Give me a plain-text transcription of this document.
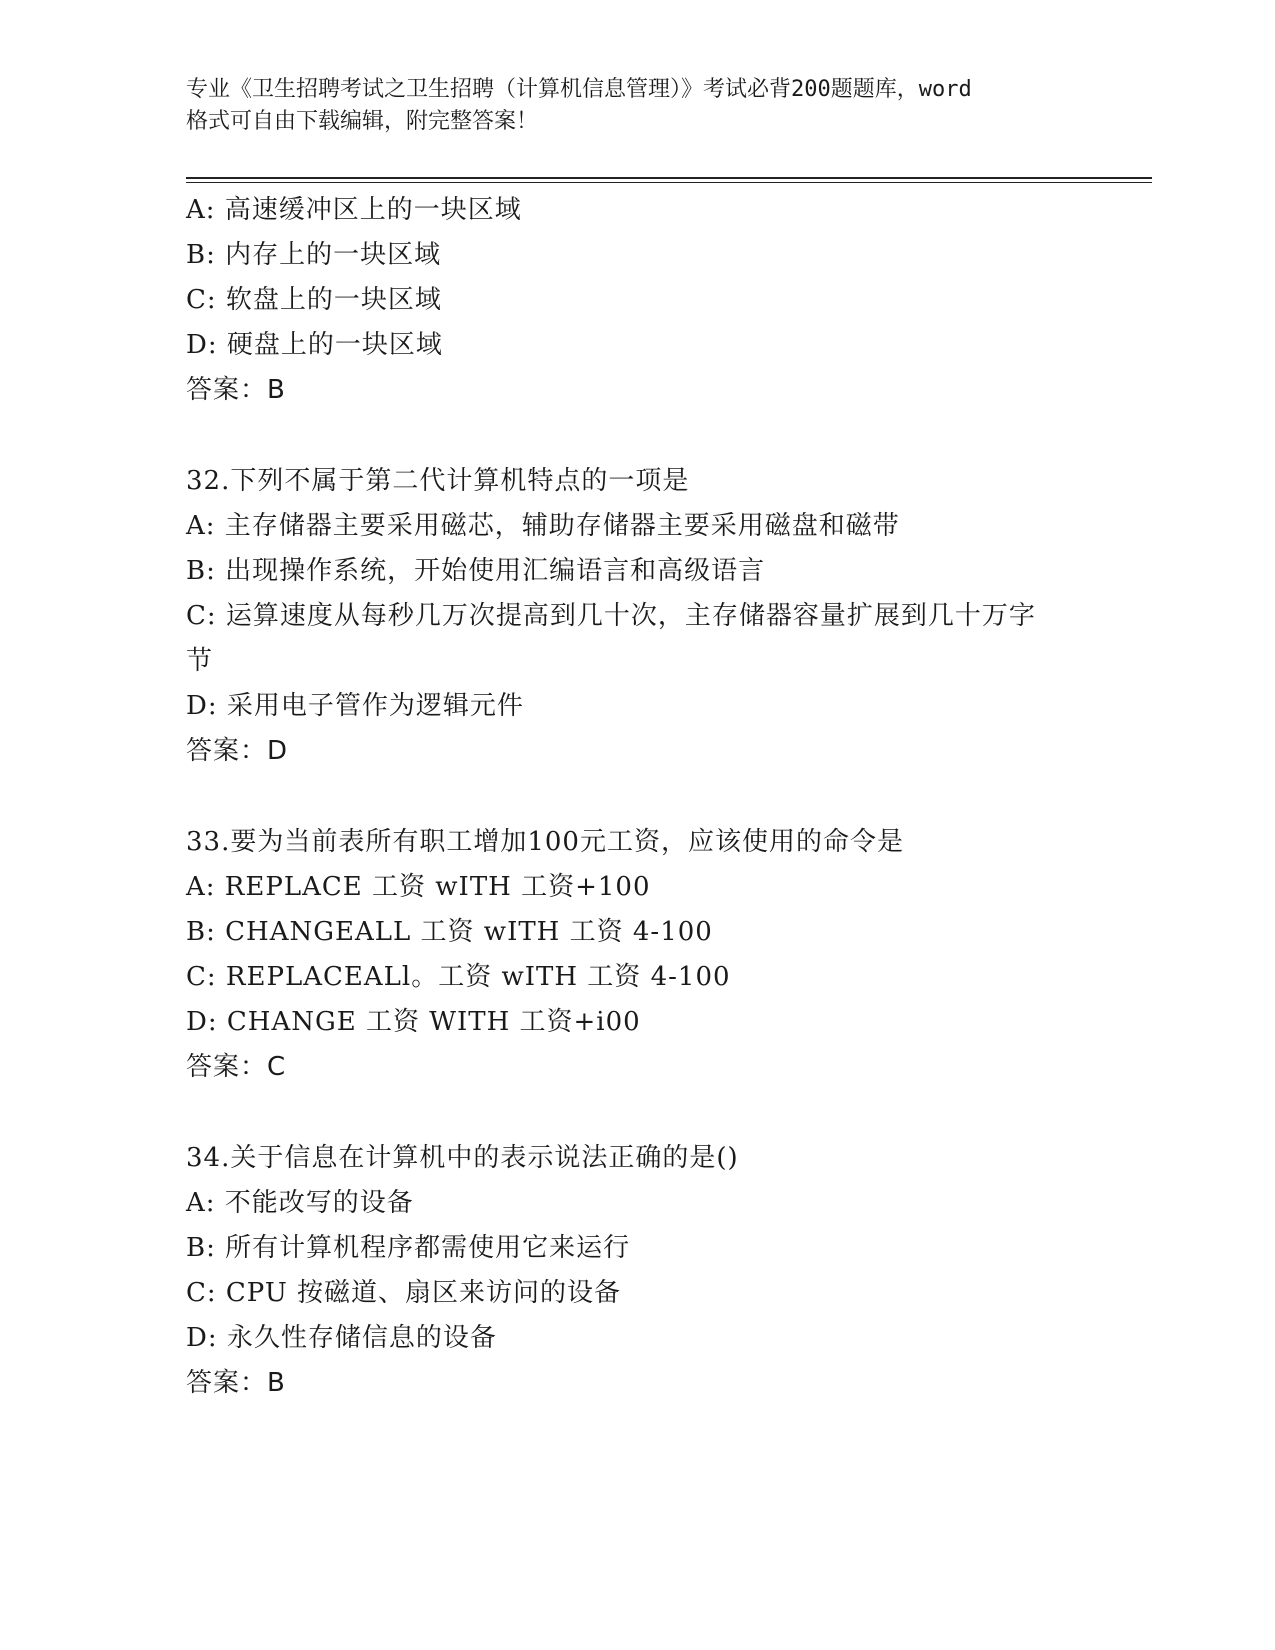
专业《卫生招聘考试之卫生招聘（计算机信息管理）》考试必背200题题库，word
格式可自由下载编辑，附完整答案！
A: 高速缓冲区上的一块区域
B: 内存上的一块区域
C: 软盘上的一块区域
D: 硬盘上的一块区域
答案：B
32.下列不属于第二代计算机特点的一项是
A: 主存储器主要采用磁芯，辅助存储器主要采用磁盘和磁带
B: 出现操作系统，开始使用汇编语言和高级语言
C: 运算速度从每秒几万次提高到几十次，主存储器容量扩展到几十万字节
D: 采用电子管作为逻辑元件
答案：D
33.要为当前表所有职工增加100元工资，应该使用的命令是
A: REPLACE 工资 wITH 工资+100
B: CHANGEALL 工资 wITH 工资 4-100
C: REPLACEALl。工资 wITH 工资 4-100
D: CHANGE 工资 WITH 工资+i00
答案：C
34.关于信息在计算机中的表示说法正确的是()
A: 不能改写的设备
B: 所有计算机程序都需使用它来运行
C: CPU 按磁道、扇区来访问的设备
D: 永久性存储信息的设备
答案：B
